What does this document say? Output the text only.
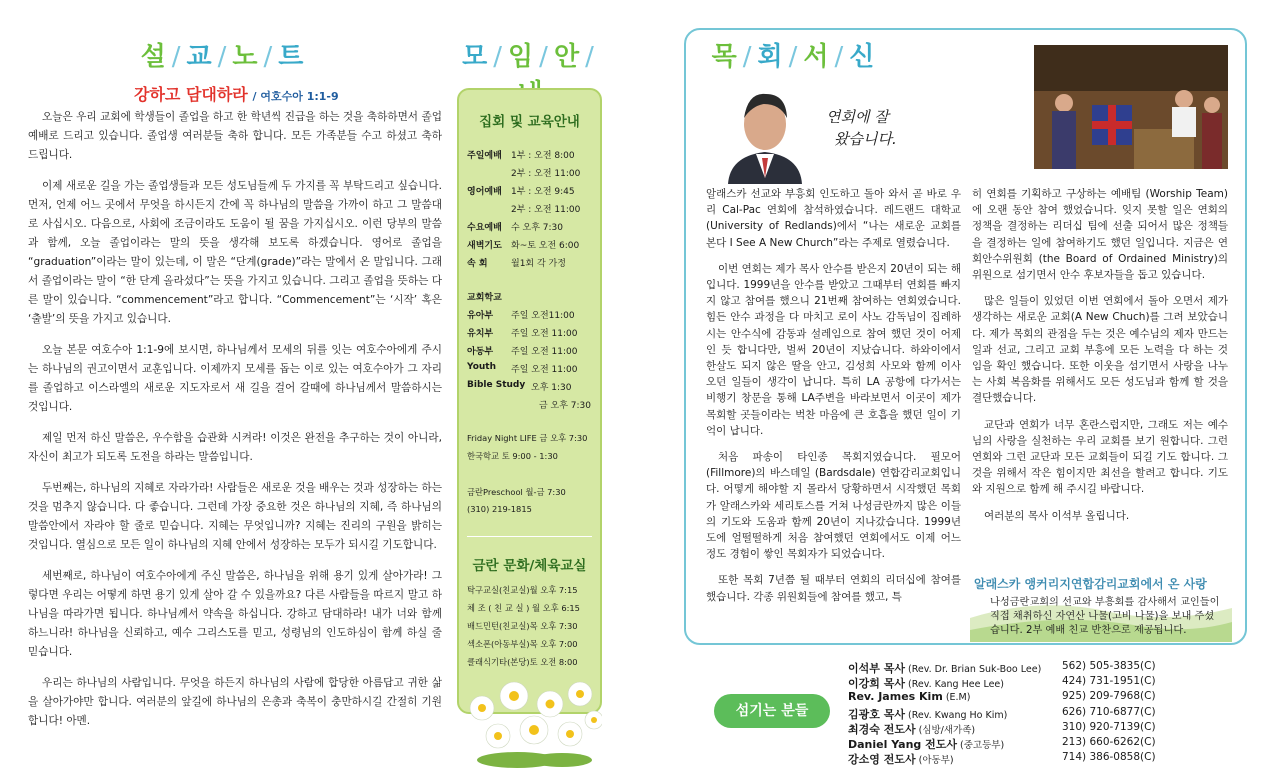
설 / 교 / 노 / 트
강하고 담대하라 / 여호수아 1:1-9

오늘은 우리 교회에 학생들이 졸업을 하고 한 학년씩 진급을 하는 것을 축하하면서 졸업 예배로 드리고 있습니다. 졸업생 여러분들 축하 합니다. 모든 가족분들 수고 하셨고 축하 드립니다.

이제 새로운 길을 가는 졸업생들과 모든 성도님들께 두 가지를 꼭 부탁드리고 싶습니다. 먼저, 언제 어느 곳에서 무엇을 하시든지 간에 꼭 하나님의 말씀을 가까이 하고 그 말씀대로 사십시오. 다음으로, 사회에 조금이라도 도움이 될 꿈을 가지십시오. 이런 당부의 말씀과 함께, 오늘 졸업이라는 말의 뜻을 생각해 보도록 하겠습니다. 영어로 졸업을 “graduation”이라는 말이 있는데, 이 말은 “단계(grade)”라는 말에서 온 말입니다. 그래서 졸업이라는 말이 “한 단계 올라섰다”는 뜻을 가지고 있습니다. 그리고 졸업을 뜻하는 다른 말이 있습니다. “commencement”라고 합니다. “Commencement”는 ‘시작’ 혹은 ‘출발’의 뜻을 가지고 있습니다.

오늘 본문 여호수아 1:1-9에 보시면, 하나님께서 모세의 뒤를 잇는 여호수아에게 주시는 하나님의 권고이면서 교훈입니다. 이제까지 모세를 돕는 이로 있는 여호수아가 그 자리를 졸업하고 이스라엘의 새로운 지도자로서 새 길을 걸어 갈때에 하나님께서 말씀하시는 것입니다.

제일 먼저 하신 말씀은, 우수함을 습관화 시켜라! 이것은 완전을 추구하는 것이 아니라, 자신이 최고가 되도록 도전을 하라는 말씀입니다.

두번째는, 하나님의 지혜로 자라가라! 사람들은 새로운 것을 배우는 것과 성장하는 하는 것을 멈추지 않습니다. 다 좋습니다. 그런데 가장 중요한 것은 하나님의 지혜, 즉 하나님의 말씀안에서 자라야 할 줄로 믿습니다. 지혜는 무엇입니까? 지혜는 진리의 구원을 밝히는 것입니다. 열심으로 모든 일이 하나님의 지혜 안에서 성장하는 모두가 되시길 기도합니다.

세번째로, 하나님이 여호수아에게 주신 말씀은, 하나님을 위해 용기 있게 살아가라! 그렇다면 우리는 어떻게 하면 용기 있게 살아 갈 수 있을까요? 다른 사람들을 따르지 말고 하나님을 따라가면 됩니다. 하나님께서 약속을 하십니다. 강하고 담대하라! 내가 너와 함께 하느니라! 하나님을 신뢰하고, 예수 그리스도를 믿고, 성령님의 인도하심이 함께 하실 줄 믿습니다.

우리는 하나님의 사람입니다. 무엇을 하든지 하나님의 사람에 합당한 아름답고 귀한 삶을 살아가야만 합니다. 여러분의 앞길에 하나님의 은총과 축복이 충만하시길 간절히 기원합니다! 아멘.

모 / 임 / 안 /
집회 및 교육안내
주일예배 1부 : 오전 8:00
2부 : 오전 11:00
영어예배 1부 : 오전 9:45
2부 : 오전 11:00
수요예배 수 오후 7:30
새벽기도 화~토 오전 6:00
속 회	월1회 각 가정
교회학교
유아부 주일 오전11:00
유치부 주일 오전 11:00
아동부 주일 오전 11:00
Youth 주일 오전 11:00
Bible Study 오후 1:30
금 오후 7:30
Friday Night LIFE 금 오후 7:30
한국학교 토 9:00 - 1:30
금란Preschool 월-금 7:30
(310) 219-1815
금란 문화/체육교실
탁구교실(친교실)월 오후 7:15
체 조 ( 친 교 실 ) 월 오후 6:15
배드민턴(친교실)목 오후 7:30
섹소폰(아동부실)목 오후 7:00
클래식기타(본당)토 오전 8:00
목 / 회 / 서 / 신
연회에 잘
왔습니다.

알래스카 선교와 부흥회 인도하고 돌아 와서 곧 바로 우리 Cal-Pac 연회에 참석하였습니다. 레드랜드 대학교 (University of Redlands)에서 “나는 새로운 교회를 본다 I See A New Church”라는 주제로 열렸습니다.

이번 연회는 제가 목사 안수를 받은지 20년이 되는 해 입니다. 1999년을 안수를 받았고 그때부터 연회를 빠지지 않고 참여를 했으니 21번째 참여하는 연회였습니다. 힘든 안수 과정을 다 마치고 로이 사노 감독님이 집례하시는 안수식에 감동과 설레임으로 참여 했던 것이 어제인 듯 합니다만, 벌써 20년이 지났습니다. 하와이에서 한살도 되지 않은 딸을 안고, 김성희 사모와 함께 이사 오던 일들이 생각이 납니다. 특히 LA 공항에 다가서는 비행기 창문을 통해 LA주변을 바라보면서 이곳이 제가 목회할 곳들이라는 벅찬 마음에 큰 호흡을 했던 일이 기억이 납니다.

처음 파송이 타인종 목회지였습니다. 필모어(Fillmore)의 바스데일 (Bardsdale) 연합감리교회입니다. 어떻게 해야할 지 몰라서 당황하면서 시작했던 목회가 알래스카와 세리토스를 거쳐 나성금란까지 많은 이들의 기도와 도움과 함께 20년이 지나갔습니다. 1999년도에 얼떨떨하게 처음 참여했던 연회에서도 이제 어느 정도 경험이 쌓인 목회자가 되었습니다.

또한 목회 7년쯤 될 때부터 연회의 리더십에 참여를 했습니다. 각종 위원회들에 참여를 했고, 특

히 연회를 기획하고 구상하는 예배팀 (Worship Team)에 오랜 동안 참여 했었습니다. 잊지 못할 일은 연회의 정책을 결정하는 리더십 팀에 선출 되어서 많은 정책들을 결정하는 일에 참여하기도 했던 일입니다. 지금은 연회안수위원회 (the Board of Ordained Ministry)의 위원으로 섬기면서 안수 후보자들을 돕고 있습니다.

많은 일들이 있었던 이번 연회에서 돌아 오면서 제가 생각하는 새로운 교회(A New Chuch)를 그려 보았습니다. 제가 목회의 관점을 두는 것은 예수님의 제자 만드는 일과 선교, 그리고 교회 부흥에 모든 노력을 다 하는 것임을 확인 했습니다. 또한 이웃을 섬기면서 사랑을 나누는 사회 복음화를 위해서도 모든 성도님과 함께 할 것을 결단했습니다.

교단과 연회가 너무 혼란스럽지만, 그래도 저는 예수님의 사랑을 실천하는 우리 교회를 보기 원합니다. 그런 연회와 그런 교단과 모든 교회들이 되길 기도 합니다. 그것을 위해서 작은 힘이지만 최선을 할려고 합니다. 기도와 지원으로 함께 해 주시길 바랍니다.

여러분의 목사 이석부 올립니다.

알래스카 앵커리지연합감리교회에서 온 사랑
나성금란교회의 선교와 부흥회를 감사해서 교인들이 직접 채취하신 자연산 나물(고비 나물)을 보내 주셨습니다. 2부 예배 친교 반찬으로 제공됩니다.
섬기는 분들
이석부 목사 (Rev. Dr. Brian Suk-Boo Lee) 562) 505-3835(C)
이강희 목사 (Rev. Kang Hee Lee)	424) 731-1951(C)
Rev. James Kim (E.M)	925) 209-7968(C)
김광호 목사 (Rev. Kwang Ho Kim)	626) 710-6877(C)
최경숙 전도사 (심방/새가족)	310) 920-7139(C)
Daniel Yang 전도사 (중고등부)	213) 660-6262(C)
강소영 전도사 (아동부)	714) 386-0858(C)
